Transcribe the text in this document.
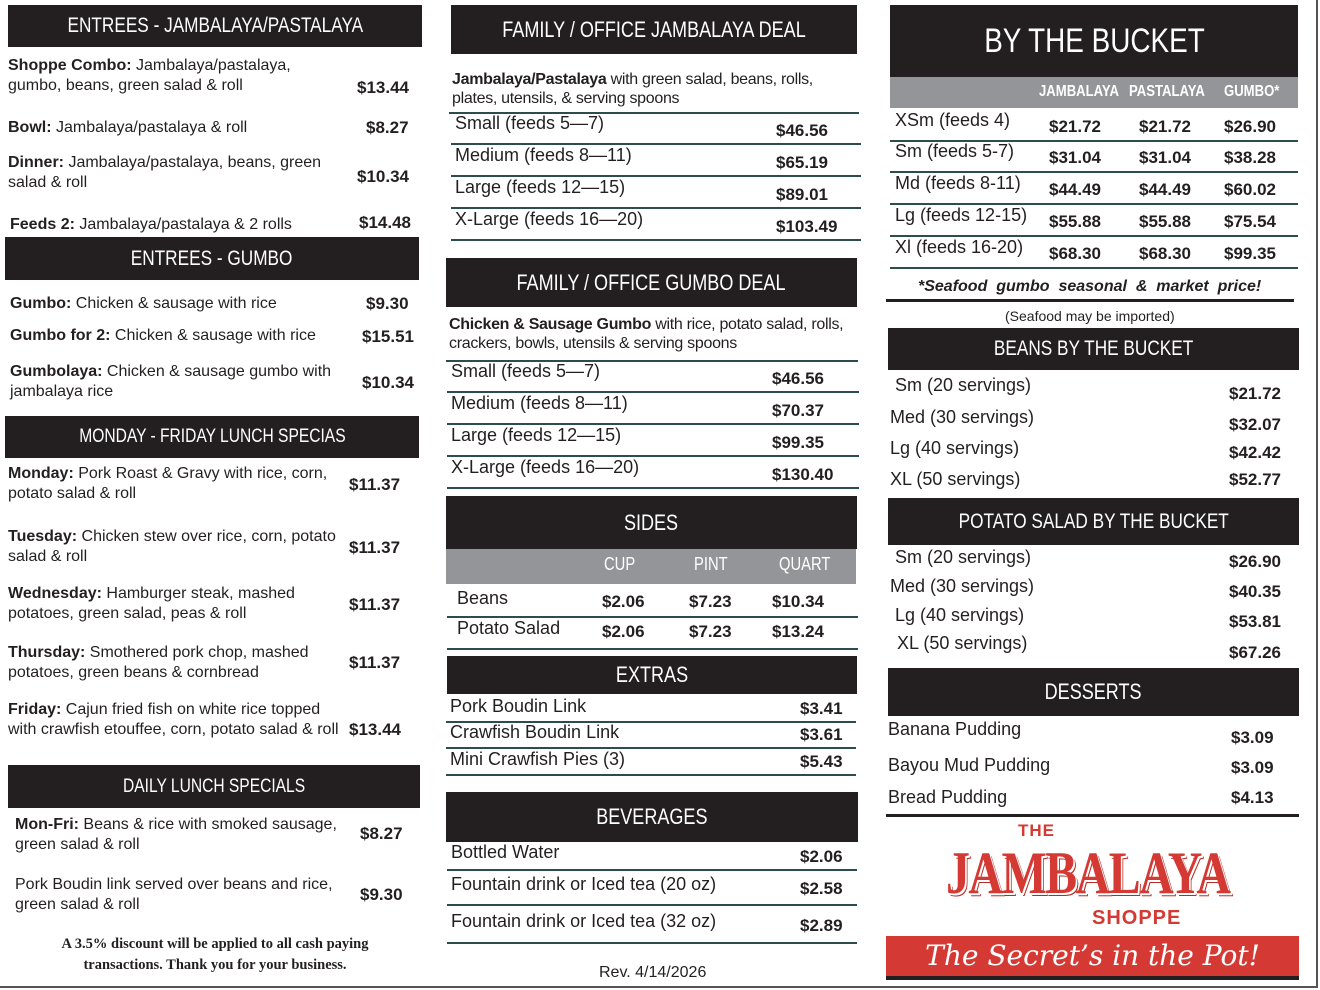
ENTREES - JAMBALAYA/PASTALAYA
Shoppe Combo: Jambalaya/pastalaya, gumbo, beans, green salad & roll	$13.44
Bowl: Jambalaya/pastalaya & roll	$8.27
Dinner: Jambalaya/pastalaya, beans, green salad & roll	$10.34
Feeds 2: Jambalaya/pastalaya & 2 rolls	$14.48
ENTREES - GUMBO
Gumbo: Chicken & sausage with rice	$9.30
Gumbo for 2: Chicken & sausage with rice	$15.51
Gumbolaya: Chicken & sausage gumbo with jambalaya rice	$10.34
MONDAY - FRIDAY LUNCH SPECIAS
Monday: Pork Roast & Gravy with rice, corn, potato salad & roll	$11.37
Tuesday: Chicken stew over rice, corn, potato salad & roll	$11.37
Wednesday: Hamburger steak, mashed potatoes, green salad, peas & roll	$11.37
Thursday: Smothered pork chop, mashed potatoes, green beans & cornbread
$11.37
Friday: Cajun fried fish on white rice topped with crawfish etouffee, corn, potato salad & roll $13.44
DAILY LUNCH SPECIALS
Mon-Fri: Beans & rice with smoked sausage, green salad & roll
$8.27
Pork Boudin link served over beans and rice, green salad & roll
$9.30
A 3.5% discount will be applied to all cash paying transactions. Thank you for your business.
FAMILY / OFFICE JAMBALAYA DEAL
Jambalaya/Pastalaya with green salad, beans, rolls, plates, utensils, & serving spoons
Small (feeds 5—7)	$46.56
Medium (feeds 8—11)	$65.19
Large (feeds 12—15)	$89.01
X-Large (feeds 16—20)	$103.49
FAMILY / OFFICE GUMBO DEAL
Chicken & Sausage Gumbo with rice, potato salad, rolls, crackers, bowls, utensils & serving spoons
Small (feeds 5—7)	$46.56
Medium (feeds 8—11)	$70.37
Large (feeds 12—15)	$99.35
X-Large (feeds 16—20)	$130.40
SIDES
CUP	PINT	QUART
Beans	$2.06	$7.23 $10.34
Potato Salad $2.06	$7.23 $13.24
EXTRAS
Pork Boudin Link	$3.41
Crawfish Boudin Link	$3.61
Mini Crawfish Pies (3)	$5.43
BEVERAGES
Bottled Water	$2.06
Fountain drink or Iced tea (20 oz)	$2.58
Fountain drink or Iced tea (32 oz)	$2.89
Rev. 4/14/2026
BY THE BUCKET
JAMBALAYA PASTALAYA GUMBO*
XSm (feeds 4) $21.72 $21.72 $26.90
Sm (feeds 5-7) $31.04 $31.04 $38.28
Md (feeds 8-11) $44.49 $44.49 $60.02
Lg (feeds 12-15) $55.88 $55.88 $75.54
Xl (feeds 16-20) $68.30 $68.30 $99.35
*Seafood  gumbo  seasonal  &  market  price!
(Seafood may be imported)
BEANS BY THE BUCKET
Sm (20 servings)	$21.72
Med (30 servings)	$32.07
Lg (40 servings)	$42.42
XL (50 servings)	$52.77
POTATO SALAD BY THE BUCKET
Sm (20 servings)	$26.90
Med (30 servings)	$40.35
Lg (40 servings)	$53.81
XL (50 servings)	$67.26
DESSERTS
Banana Pudding	$3.09
Bayou Mud Pudding	$3.09
Bread Pudding	$4.13
THE
JAMBALAYA
SHOPPE
The Secret’s in the Pot!
